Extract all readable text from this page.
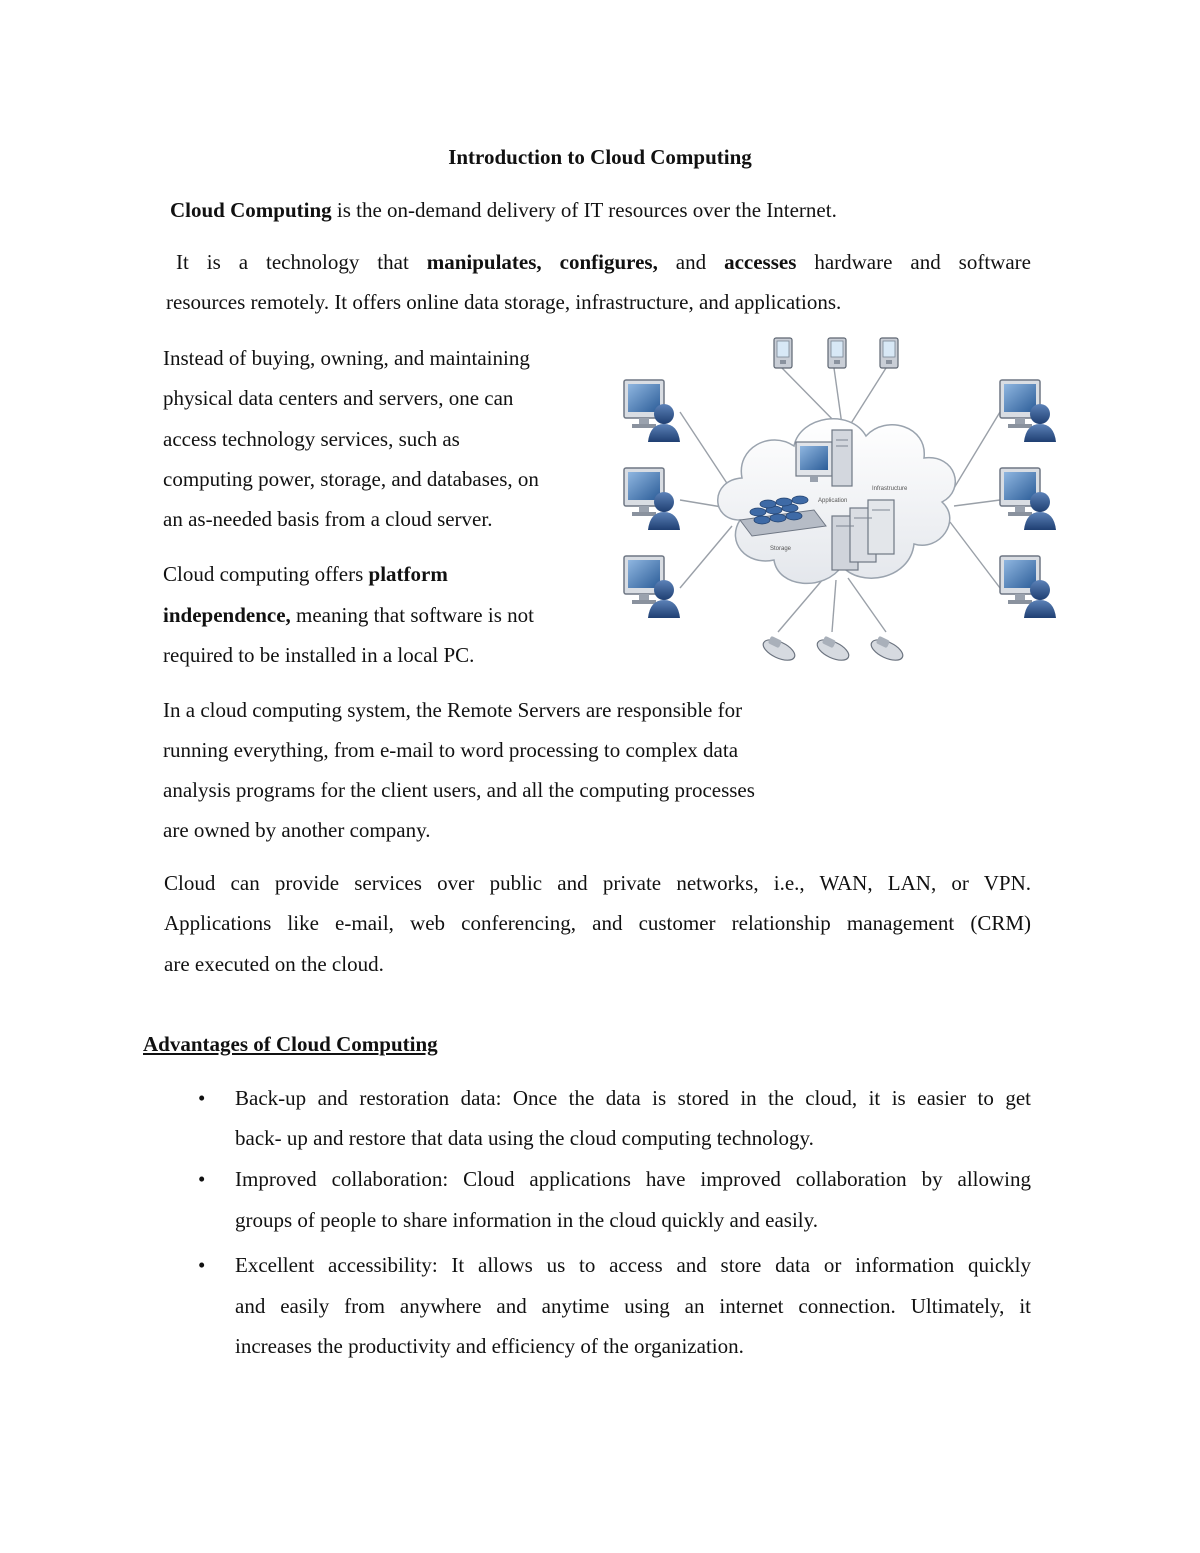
Introduction to Cloud Computing
Cloud Computing is the on-demand delivery of IT resources over the Internet.
It is a technology that manipulates, configures, and accesses hardware and software
resources remotely. It offers online data storage, infrastructure, and applications.
Instead of buying, owning, and maintaining
physical data centers and servers, one can
access technology services, such as
computing power, storage, and databases, on
an as-needed basis from a cloud server.
Cloud computing offers platform
independence, meaning that software is not
required to be installed in a local PC.
Application
Infrastructure
Storage
In a cloud computing system, the Remote Servers are responsible for
running everything, from e-mail to word processing to complex data
analysis programs for the client users, and all the computing processes
are owned by another company.
Cloud can provide services over public and private networks, i.e., WAN, LAN, or VPN.
Applications like e-mail, web conferencing, and customer relationship management (CRM)
are executed on the cloud.
Advantages of Cloud Computing
• Back-up and restoration data: Once the data is stored in the cloud, it is easier to get
back- up and restore that data using the cloud computing technology.
• Improved collaboration: Cloud applications have improved collaboration by allowing
groups of people to share information in the cloud quickly and easily.
• Excellent accessibility: It allows us to access and store data or information quickly
and easily from anywhere and anytime using an internet connection. Ultimately, it
increases the productivity and efficiency of the organization.
